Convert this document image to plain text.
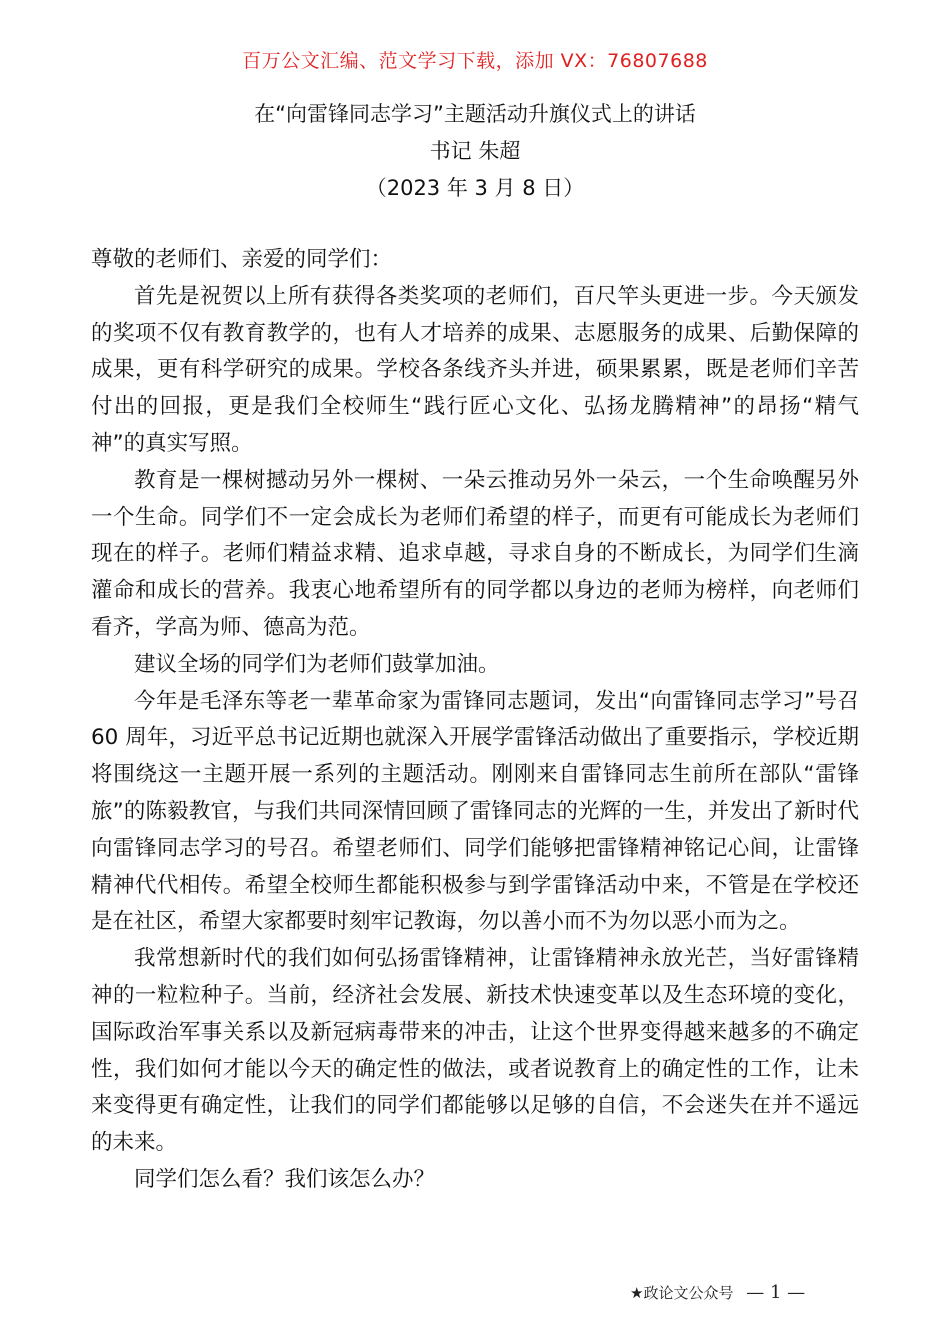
百万公文汇编、范文学习下载，添加 VX：76807688
在“向雷锋同志学习”主题活动升旗仪式上的讲话
书记 朱超
（2023 年 3 月 8 日）

尊敬的老师们、亲爱的同学们：

首先是祝贺以上所有获得各类奖项的老师们，百尺竿头更进一步。今天颁发的奖项不仅有教育教学的，也有人才培养的成果、志愿服务的成果、后勤保障的成果，更有科学研究的成果。学校各条线齐头并进，硕果累累，既是老师们辛苦付出的回报，更是我们全校师生“践行匠心文化、弘扬龙腾精神”的昂扬“精气神”的真实写照。

教育是一棵树撼动另外一棵树、一朵云推动另外一朵云，一个生命唤醒另外一个生命。同学们不一定会成长为老师们希望的样子，而更有可能成长为老师们现在的样子。老师们精益求精、追求卓越，寻求自身的不断成长，为同学们生滴灌命和成长的营养。我衷心地希望所有的同学都以身边的老师为榜样，向老师们看齐，学高为师、德高为范。

建议全场的同学们为老师们鼓掌加油。

今年是毛泽东等老一辈革命家为雷锋同志题词，发出“向雷锋同志学习”号召 60 周年，习近平总书记近期也就深入开展学雷锋活动做出了重要指示，学校近期将围绕这一主题开展一系列的主题活动。刚刚来自雷锋同志生前所在部队“雷锋旅”的陈毅教官，与我们共同深情回顾了雷锋同志的光辉的一生，并发出了新时代向雷锋同志学习的号召。希望老师们、同学们能够把雷锋精神铭记心间，让雷锋精神代代相传。希望全校师生都能积极参与到学雷锋活动中来，不管是在学校还是在社区，希望大家都要时刻牢记教诲，勿以善小而不为勿以恶小而为之。

我常想新时代的我们如何弘扬雷锋精神，让雷锋精神永放光芒，当好雷锋精神的一粒粒种子。当前，经济社会发展、新技术快速变革以及生态环境的变化，国际政治军事关系以及新冠病毒带来的冲击，让这个世界变得越来越多的不确定性，我们如何才能以今天的确定性的做法，或者说教育上的确定性的工作，让未来变得更有确定性，让我们的同学们都能够以足够的自信，不会迷失在并不遥远的未来。

同学们怎么看？我们该怎么办？

★政论文公众号 — 1 —
